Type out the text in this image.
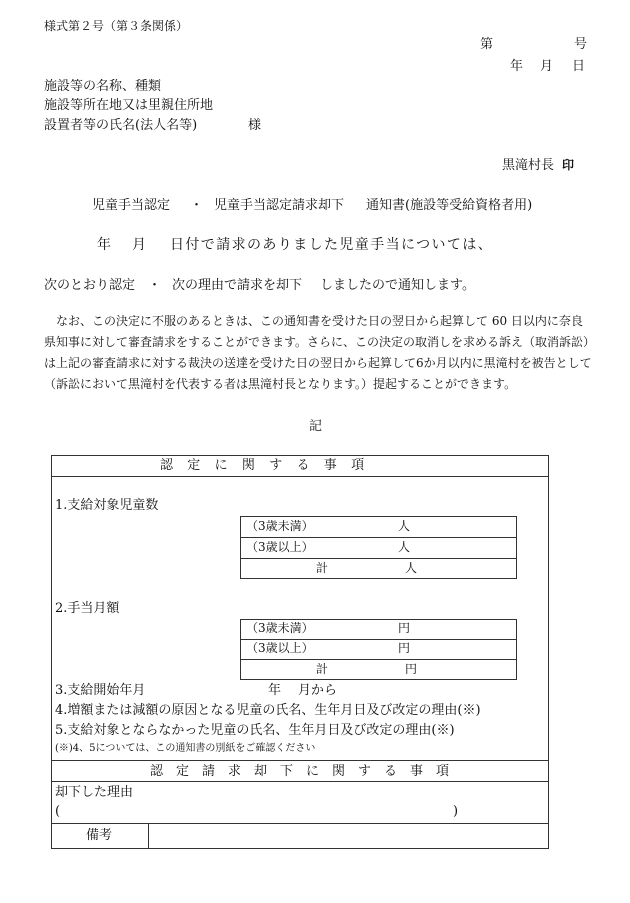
様式第２号（第３条関係）
第	号
年 月 日
施設等の名称、種類
施設等所在地又は里親住所地
設置者等の氏名(法人名等)	様
黒滝村長 印
児童手当認定 ・ 児童手当認定請求却下 通知書(施設等受給資格者用)
年 月 日付で請求のありました児童手当については、
次のとおり認定 ・ 次の理由で請求を却下 しましたので通知します。
なお、この決定に不服のあるときは、この通知書を受けた日の翌日から起算して 60 日以内に奈良県知事に対して審査請求をすることができます。さらに、この決定の取消しを求める訴え（取消訴訟）は上記の審査請求に対する裁決の送達を受けた日の翌日から起算して6か月以内に黒滝村を被告として（訴訟において黒滝村を代表する者は黒滝村長となります。）提起することができます。
記
認定に関する事項
1.支給対象児童数
（3歳未満）	人
（3歳以上）	人
計	人
2.手当月額
（3歳未満）	円
（3歳以上）	円
計	円
3.支給開始年月	年 月から
4.増額または減額の原因となる児童の氏名、生年月日及び改定の理由(※)
5.支給対象とならなかった児童の氏名、生年月日及び改定の理由(※)
(※)4、5については、この通知書の別紙をご確認ください
認定請求却下に関する事項
却下した理由
(	)
備考
